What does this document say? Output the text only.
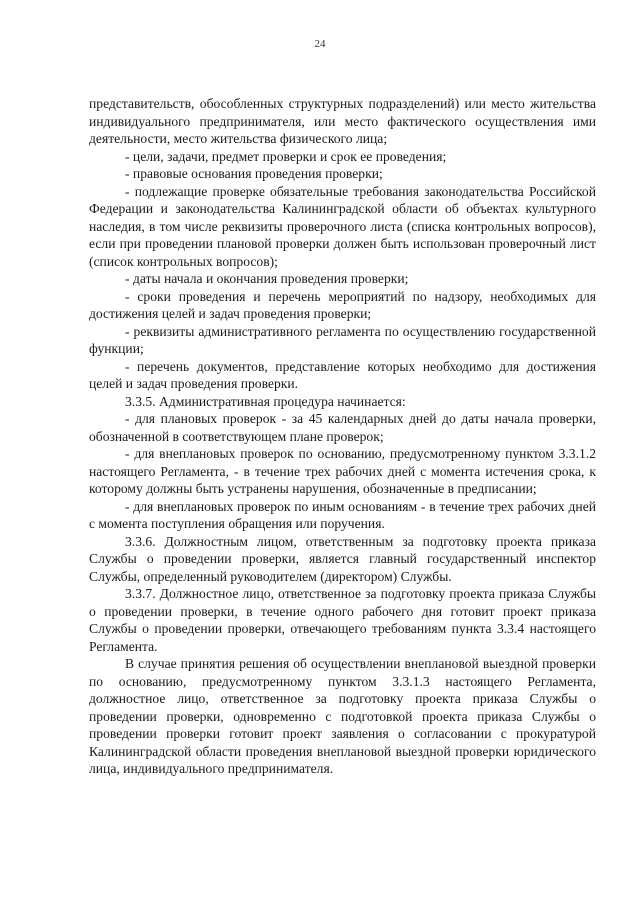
24

представительств, обособленных структурных подразделений) или место жительства индивидуального предпринимателя, или место фактического осуществления ими деятельности, место жительства физического лица;

- цели, задачи, предмет проверки и срок ее проведения;

- правовые основания проведения проверки;

- подлежащие проверке обязательные требования законодательства Российской Федерации и законодательства Калининградской области об объектах культурного наследия, в том числе реквизиты проверочного листа (списка контрольных вопросов), если при проведении плановой проверки должен быть использован проверочный лист (список контрольных вопросов);

- даты начала и окончания проведения проверки;

- сроки проведения и перечень мероприятий по надзору, необходимых для достижения целей и задач проведения проверки;

- реквизиты административного регламента по осуществлению государственной функции;

- перечень документов, представление которых необходимо для достижения целей и задач проведения проверки.

3.3.5. Административная процедура начинается:

- для плановых проверок - за 45 календарных дней до даты начала проверки, обозначенной в соответствующем плане проверок;

- для внеплановых проверок по основанию, предусмотренному пунктом 3.3.1.2 настоящего Регламента, - в течение трех рабочих дней с момента истечения срока, к которому должны быть устранены нарушения, обозначенные в предписании;

- для внеплановых проверок по иным основаниям - в течение трех рабочих дней с момента поступления обращения или поручения.

3.3.6. Должностным лицом, ответственным за подготовку проекта приказа Службы о проведении проверки, является главный государственный инспектор Службы, определенный руководителем (директором) Службы.

3.3.7. Должностное лицо, ответственное за подготовку проекта приказа Службы о проведении проверки, в течение одного рабочего дня готовит проект приказа Службы о проведении проверки, отвечающего требованиям пункта 3.3.4 настоящего Регламента.

В случае принятия решения об осуществлении внеплановой выездной проверки по основанию, предусмотренному пунктом 3.3.1.3 настоящего Регламента, должностное лицо, ответственное за подготовку проекта приказа Службы о проведении проверки, одновременно с подготовкой проекта приказа Службы о проведении проверки готовит проект заявления о согласовании с прокуратурой Калининградской области проведения внеплановой выездной проверки юридического лица, индивидуального предпринимателя.
